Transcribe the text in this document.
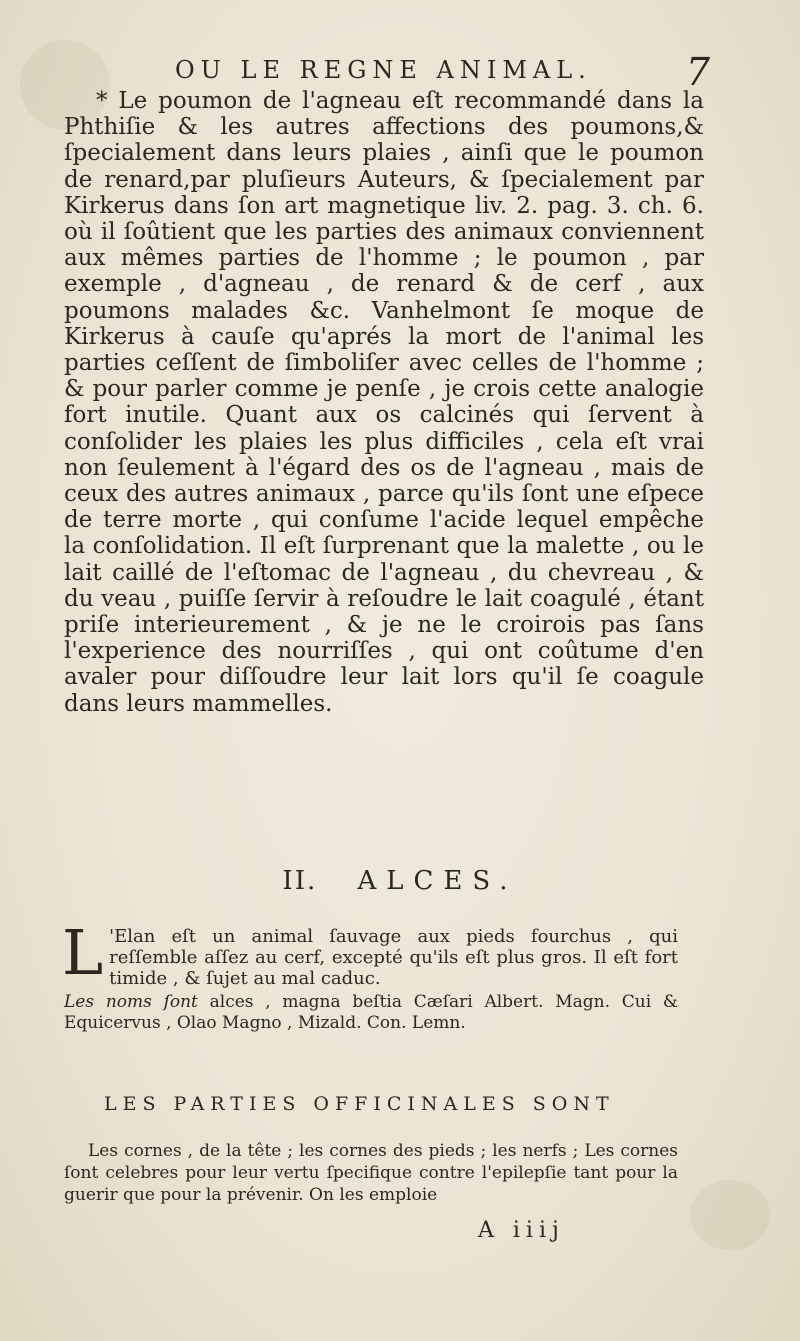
OU LE REGNE ANIMAL. 7

* Le poumon de l'agneau eſt recommandé dans la Phthiſie & les autres affections des poumons,& ſpecialement dans leurs plaies , ainſi que le poumon de renard,par pluſieurs Auteurs, & ſpecialement par Kirkerus dans ſon art magnetique liv. 2. pag. 3. ch. 6. où il ſoûtient que les parties des animaux conviennent aux mêmes parties de l'homme ; le poumon , par exemple , d'agneau , de renard & de cerf , aux poumons malades &c. Vanhelmont ſe moque de Kirkerus à cauſe qu'aprés la mort de l'animal les parties ceſſent de ſimboliſer avec celles de l'homme ; & pour parler comme je penſe , je crois cette analogie fort inutile. Quant aux os calcinés qui ſervent à conſolider les plaies les plus difficiles , cela eſt vrai non ſeulement à l'égard des os de l'agneau , mais de ceux des autres animaux , parce qu'ils ſont une eſpece de terre morte , qui conſume l'acide lequel empêche la conſolidation. Il eſt ſurprenant que la malette , ou le lait caillé de l'eſtomac de l'agneau , du chevreau , & du veau , puiſſe ſervir à reſoudre le lait coagulé , étant priſe interieurement , & je ne le croirois pas ſans l'experience des nourriſſes , qui ont coûtume d'en avaler pour diſſoudre leur lait lors qu'il ſe coagule dans leurs mammelles.

II. ALCES.
L 'Elan eſt un animal ſauvage aux pieds fourchus , qui reſſemble aſſez au cerf, excepté qu'ils eſt plus gros. Il eſt fort timide , & ſujet au mal caduc.
Les noms ſont alces , magna beſtia Cæſari Albert. Magn. Cui & Equicervus , Olao Magno , Mizald. Con. Lemn.
LES PARTIES OFFICINALES SONT
Les cornes , de la tête ; les cornes des pieds ; les nerfs ; Les cornes ſont celebres pour leur vertu ſpecifique contre l'epilepſie tant pour la guerir que pour la prévenir. On les emploie
A iiij
